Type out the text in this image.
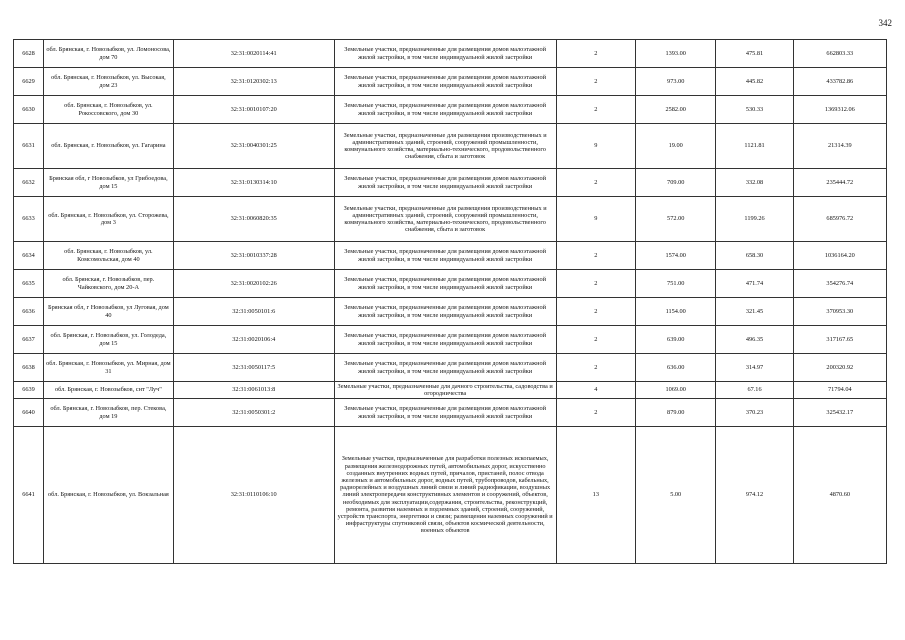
342
6628	обл. Брянская, г. Новозыбков, ул. Ломоносова, дом 70	32:31:0020114:41	Земельные участки, предназначенные для размещения домов малоэтажной жилой застройки, в том числе индивидуальной жилой застройки	2	1393.00	475.81	662803.33
6629	обл. Брянская, г. Новозыбков, ул. Высокая, дом 23	32:31:0120302:13	Земельные участки, предназначенные для размещения домов малоэтажной жилой застройки, в том числе индивидуальной жилой застройки	2	973.00	445.82	433782.86
6630	обл. Брянская, г. Новозыбков, ул. Рокоссовского, дом 30	32:31:0010107:20	Земельные участки, предназначенные для размещения домов малоэтажной жилой застройки, в том числе индивидуальной жилой застройки	2	2582.00	530.33	1369312.06
6631	обл. Брянская, г. Новозыбков, ул. Гагарина	32:31:0040301:25	Земельные участки, предназначенные для размещения производственных и административных зданий, строений, сооружений промышленности, коммунального хозяйства, материально-технического, продовольственного снабжения, сбыта и заготовок	9	19.00	1121.81	21314.39
6632	Брянская обл, г Новозыбков, ул Грибоедова, дом 15	32:31:0130314:10	Земельные участки, предназначенные для размещения домов малоэтажной жилой застройки, в том числе индивидуальной жилой застройки	2	709.00	332.08	235444.72
6633	обл. Брянская, г. Новозыбков, ул. Сторожева, дом 3	32:31:0060820:35	Земельные участки, предназначенные для размещения производственных и административных зданий, строений, сооружений промышленности, коммунального хозяйства, материально-технического, продовольственного снабжения, сбыта и заготовок	9	572.00	1199.26	685976.72
6634	обл. Брянская, г. Новозыбков, ул. Комсомольская, дом 40	32:31:0010337:28	Земельные участки, предназначенные для размещения домов малоэтажной жилой застройки, в том числе индивидуальной жилой застройки	2	1574.00	658.30	1036164.20
6635	обл. Брянская, г. Новозыбков, пер. Чайковского, дом 20-А	32:31:0020102:26	Земельные участки, предназначенные для размещения домов малоэтажной жилой застройки, в том числе индивидуальной жилой застройки	2	751.00	471.74	354276.74
6636	Брянская обл, г Новозыбков, ул Луговая, дом 40	32:31:0050101:6	Земельные участки, предназначенные для размещения домов малоэтажной жилой застройки, в том числе индивидуальной жилой застройки	2	1154.00	321.45	370953.30
6637	обл. Брянская, г. Новозыбков, ул. Голодеда, дом 15	32:31:0020106:4	Земельные участки, предназначенные для размещения домов малоэтажной жилой застройки, в том числе индивидуальной жилой застройки	2	639.00	496.35	317167.65
6638	обл. Брянская, г. Новозыбков, ул. Мирная, дом 31	32:31:0050117:5	Земельные участки, предназначенные для размещения домов малоэтажной жилой застройки, в том числе индивидуальной жилой застройки	2	636.00	314.97	200320.92
6639	обл. Брянская, г. Новозыбков, снт "Луч"	32:31:0061013:8	Земельные участки, предназначенные для дачного строительства, садоводства и огородничества	4	1069.00	67.16	71794.04
6640	обл. Брянская, г. Новозыбков, пер. Стекова, дом 19	32:31:0050301:2	Земельные участки, предназначенные для размещения домов малоэтажной жилой застройки, в том числе индивидуальной жилой застройки	2	879.00	370.23	325432.17
6641	обл. Брянская, г. Новозыбков, ул. Вокзальная	32:31:0110106:10	Земельные участки, предназначенные для разработки полезных ископаемых, размещения железнодорожных путей, автомобильных дорог, искусственно созданных внутренних водных путей, причалов, пристаней, полос отвода железных и автомобильных дорог, водных путей, трубопроводов, кабельных, радиорелейных и воздушных линий связи и линий радиофикации, воздушных линий электропередачи конструктивных элементов и сооружений, объектов, необходимых для эксплуатации,содержания, строительства, реконструкций, ремонта, развития наземных и подземных зданий, строений, сооружений, устройств транспорта, энергетики и связи; размещения наземных сооружений и инфраструктуры спутниковой связи, объектов космической деятельности, военных объектов	13	5.00	974.12	4870.60
